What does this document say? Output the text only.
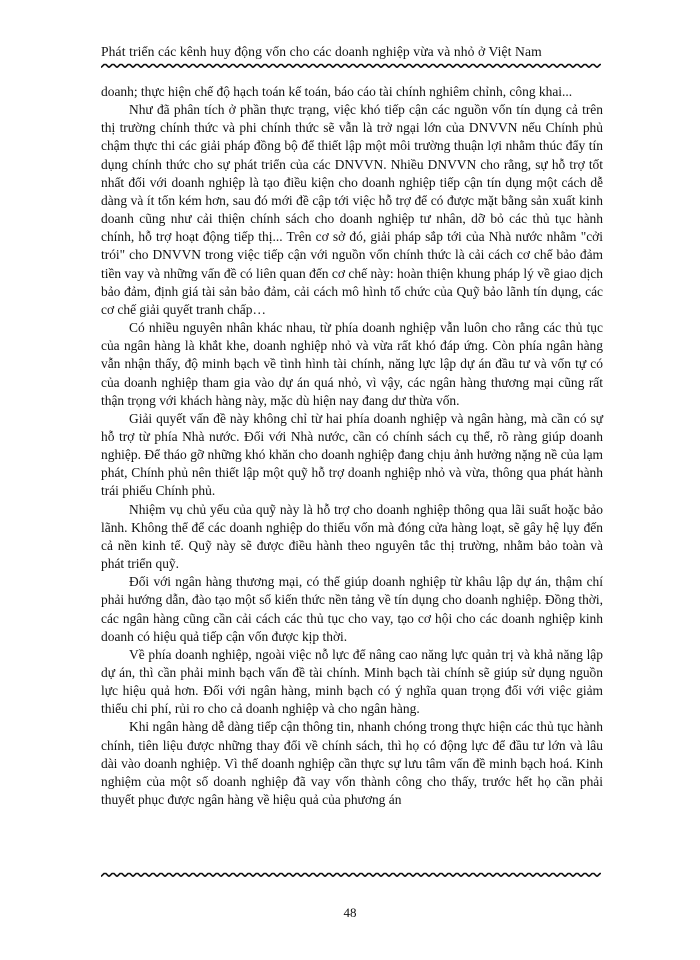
Phát triển các kênh huy động vốn cho các doanh nghiệp vừa và nhỏ ở Việt Nam

doanh; thực hiện chế độ hạch toán kế toán, báo cáo tài chính nghiêm chỉnh, công khai...

Như đã phân tích ở phần thực trạng, việc khó tiếp cận các nguồn vốn tín dụng cả trên thị trường chính thức và phi chính thức sẽ vẫn là trở ngại lớn của DNVVN nếu Chính phủ chậm thực thi các giải pháp đồng bộ để thiết lập một môi trường thuận lợi nhằm thúc đẩy tín dụng chính thức cho sự phát triển của các DNVVN. Nhiều DNVVN cho rằng, sự hỗ trợ tốt nhất đối với doanh nghiệp là tạo điều kiện cho doanh nghiệp tiếp cận tín dụng một cách dễ dàng và ít tốn kém hơn, sau đó mới đề cập tới việc hỗ trợ để có được mặt bằng sản xuất kinh doanh cũng như cải thiện chính sách cho doanh nghiệp tư nhân, dỡ bỏ các thủ tục hành chính, hỗ trợ hoạt động tiếp thị... Trên cơ sở đó, giải pháp sắp tới của Nhà nước nhằm "cởi trói" cho DNVVN trong việc tiếp cận với nguồn vốn chính thức là cải cách cơ chế bảo đảm tiền vay và những vấn đề có liên quan đến cơ chế này: hoàn thiện khung pháp lý về giao dịch bảo đảm, định giá tài sản bảo đảm, cải cách mô hình tổ chức của Quỹ bảo lãnh tín dụng, các cơ chế giải quyết tranh chấp…

Có nhiều nguyên nhân khác nhau, từ phía doanh nghiệp vẫn luôn cho rằng các thủ tục của ngân hàng là khắt khe, doanh nghiệp nhỏ và vừa rất khó đáp ứng. Còn phía ngân hàng vẫn nhận thấy, độ minh bạch về tình hình tài chính, năng lực lập dự án đầu tư và vốn tự có của doanh nghiệp tham gia vào dự án quá nhỏ, vì vậy, các ngân hàng thương mại cũng rất thận trọng với khách hàng này, mặc dù hiện nay đang dư thừa vốn.

Giải quyết vấn đề này không chỉ từ hai phía doanh nghiệp và ngân hàng, mà cần có sự hỗ trợ từ phía Nhà nước. Đối với Nhà nước, cần có chính sách cụ thể, rõ ràng giúp doanh nghiệp. Để tháo gỡ những khó khăn cho doanh nghiệp đang chịu ảnh hưởng nặng nề của lạm phát, Chính phủ nên thiết lập một quỹ hỗ trợ doanh nghiệp nhỏ và vừa, thông qua phát hành trái phiếu Chính phủ.

Nhiệm vụ chủ yếu của quỹ này là hỗ trợ cho doanh nghiệp thông qua lãi suất hoặc bảo lãnh. Không thể để các doanh nghiệp do thiếu vốn mà đóng cửa hàng loạt, sẽ gây hệ lụy đến cả nền kinh tế. Quỹ này sẽ được điều hành theo nguyên tắc thị trường, nhằm bảo toàn và phát triển quỹ.

Đối với ngân hàng thương mại, có thể giúp doanh nghiệp từ khâu lập dự án, thậm chí phải hướng dẫn, đào tạo một số kiến thức nền tảng về tín dụng cho doanh nghiệp. Đồng thời, các ngân hàng cũng cần cải cách các thủ tục cho vay, tạo cơ hội cho các doanh nghiệp kinh doanh có hiệu quả tiếp cận vốn được kịp thời.

Về phía doanh nghiệp, ngoài việc nỗ lực để nâng cao năng lực quản trị và khả năng lập dự án, thì cần phải minh bạch vấn đề tài chính. Minh bạch tài chính sẽ giúp sử dụng nguồn lực hiệu quả hơn. Đối với ngân hàng, minh bạch có ý nghĩa quan trọng đối với việc giảm thiểu chi phí, rủi ro cho cả doanh nghiệp và cho ngân hàng.

Khi ngân hàng dễ dàng tiếp cận thông tin, nhanh chóng trong thực hiện các thủ tục hành chính, tiên liệu được những thay đổi về chính sách, thì họ có động lực để đầu tư lớn và lâu dài vào doanh nghiệp. Vì thế doanh nghiệp cần thực sự lưu tâm vấn đề minh bạch hoá. Kinh nghiệm của một số doanh nghiệp đã vay vốn thành công cho thấy, trước hết họ cần phải thuyết phục được ngân hàng về hiệu quả của phương án

48
